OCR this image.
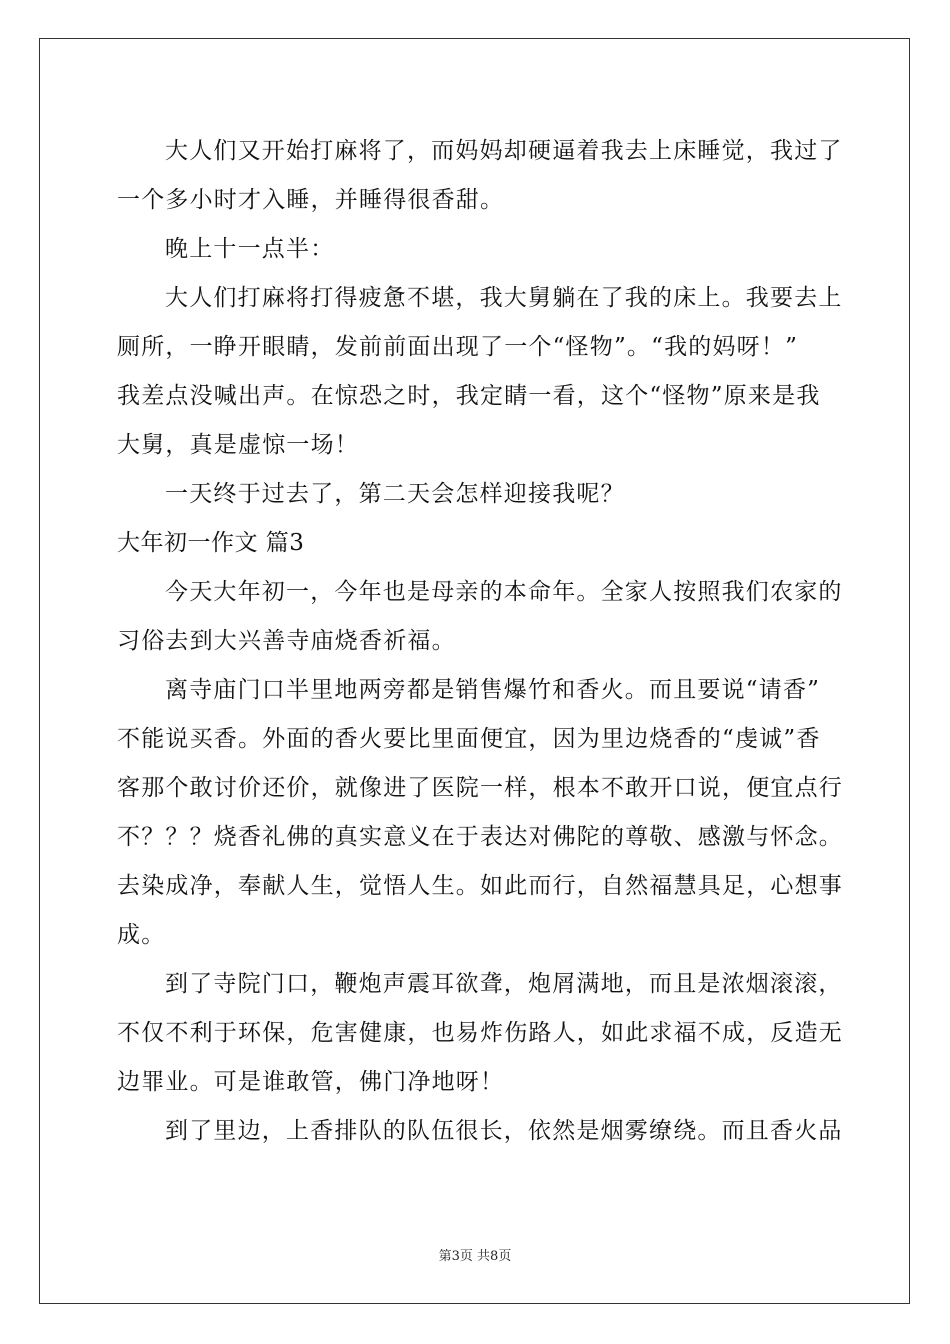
大人们又开始打麻将了，而妈妈却硬逼着我去上床睡觉，我过了
一个多小时才入睡，并睡得很香甜。
晚上十一点半：
大人们打麻将打得疲惫不堪，我大舅躺在了我的床上。我要去上
厕所，一睁开眼睛，发前前面出现了一个“怪物”。“我的妈呀！”
我差点没喊出声。在惊恐之时，我定睛一看，这个“怪物”原来是我
大舅，真是虚惊一场！
一天终于过去了，第二天会怎样迎接我呢？
大年初一作文 篇3
今天大年初一，今年也是母亲的本命年。全家人按照我们农家的
习俗去到大兴善寺庙烧香祈福。
离寺庙门口半里地两旁都是销售爆竹和香火。而且要说“请香”
不能说买香。外面的香火要比里面便宜，因为里边烧香的“虔诚”香
客那个敢讨价还价，就像进了医院一样，根本不敢开口说，便宜点行
不？？？烧香礼佛的真实意义在于表达对佛陀的尊敬、感激与怀念。
去染成净，奉献人生，觉悟人生。如此而行，自然福慧具足，心想事
成。
到了寺院门口，鞭炮声震耳欲聋，炮屑满地，而且是浓烟滚滚，
不仅不利于环保，危害健康，也易炸伤路人，如此求福不成，反造无
边罪业。可是谁敢管，佛门净地呀！
到了里边，上香排队的队伍很长，依然是烟雾缭绕。而且香火品
第3页 共8页
